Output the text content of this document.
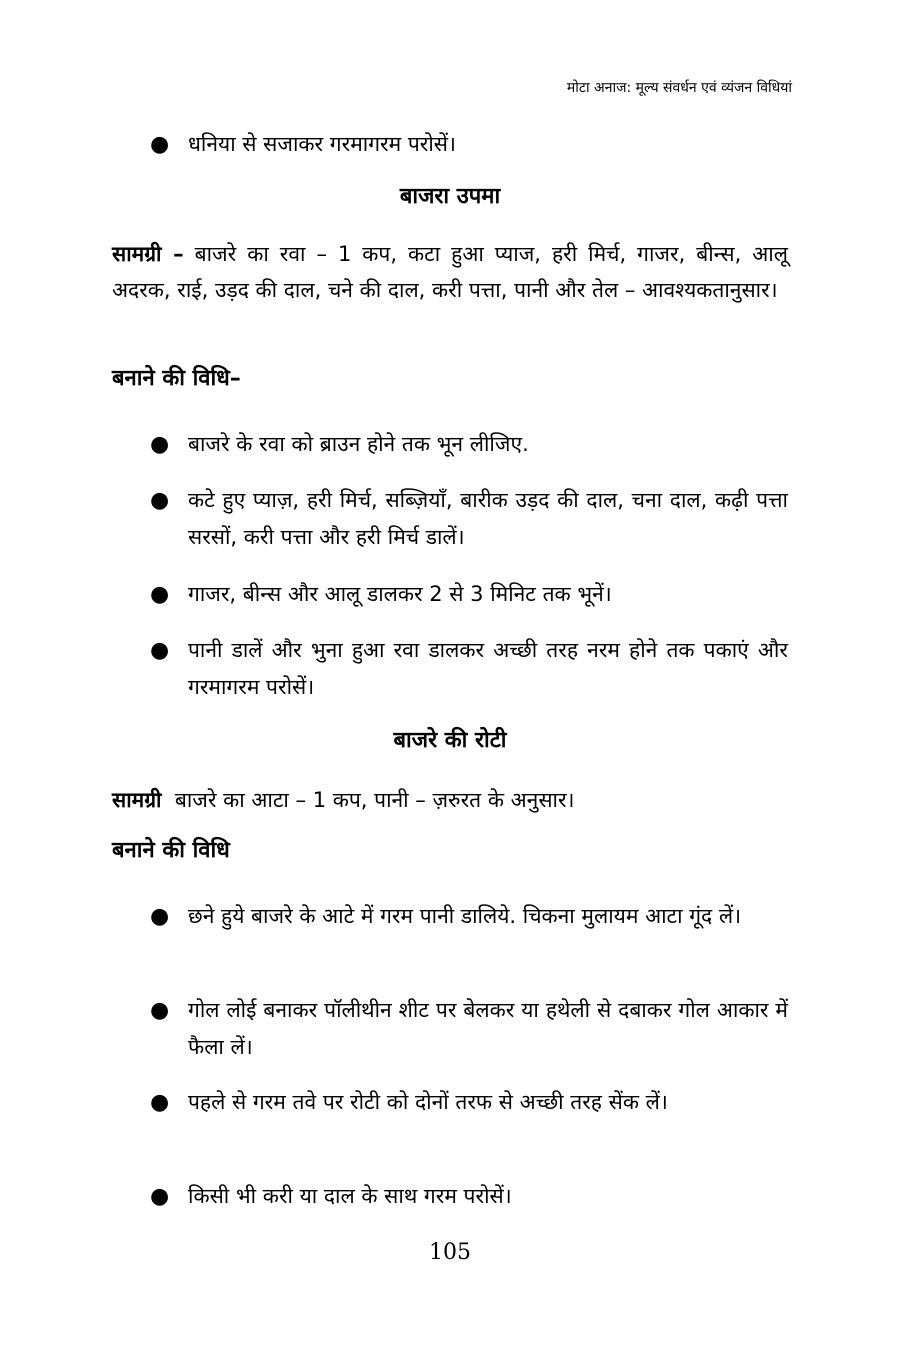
मोटा अनाज: मूल्य संवर्धन एवं व्यंजन विधियां
● धनिया से सजाकर गरमागरम परोसें।
बाजरा उपमा
सामग्री – बाजरे का रवा – 1 कप, कटा हुआ प्याज, हरी मिर्च, गाजर, बीन्स, आलू अदरक, राई, उड़द की दाल, चने की दाल, करी पत्ता, पानी और तेल – आवश्यकतानुसार।
बनाने की विधि–
● बाजरे के रवा को ब्राउन होने तक भून लीजिए.
● कटे हुए प्याज़, हरी मिर्च, सब्ज़ियाँ, बारीक उड़द की दाल, चना दाल, कढ़ी पत्ता सरसों, करी पत्ता और हरी मिर्च डालें।
● गाजर, बीन्स और आलू डालकर 2 से 3 मिनिट तक भूनें।
● पानी डालें और भुना हुआ रवा डालकर अच्छी तरह नरम होने तक पकाएं और गरमागरम परोसें।
बाजरे की रोटी
सामग्री बाजरे का आटा – 1 कप, पानी – ज़रुरत के अनुसार।
बनाने की विधि
● छने हुये बाजरे के आटे में गरम पानी डालिये. चिकना मुलायम आटा गूंद लें।
● गोल लोई बनाकर पॉलीथीन शीट पर बेलकर या हथेली से दबाकर गोल आकार में फैला लें।
● पहले से गरम तवे पर रोटी को दोनों तरफ से अच्छी तरह सेंक लें।
● किसी भी करी या दाल के साथ गरम परोसें।
105
